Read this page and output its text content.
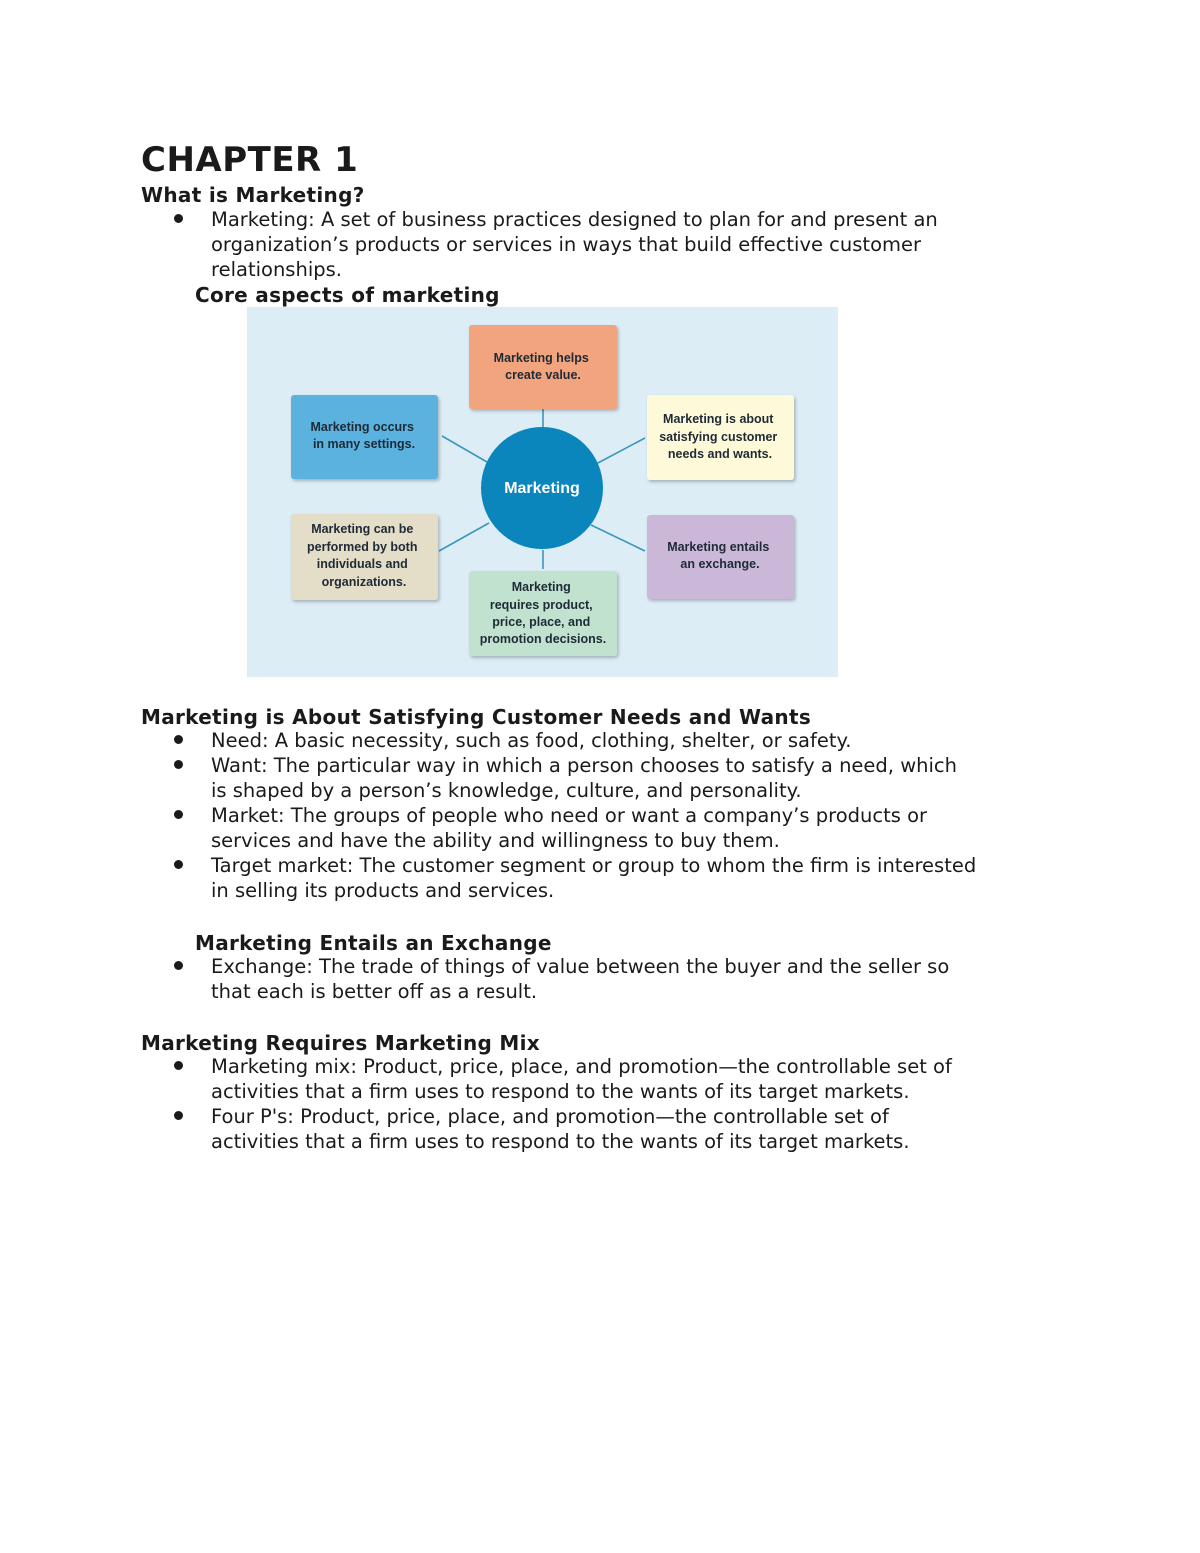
CHAPTER 1
What is Marketing?
Marketing: A set of business practices designed to plan for and present an
organization’s products or services in ways that build effective customer
relationships.
Core aspects of marketing
Marketing
Marketing helps create value.
Marketing is about satisfying customer needs and wants.
Marketing entails an exchange.
Marketing requires product, price, place, and promotion decisions.
Marketing can be performed by both individuals and organizations.
Marketing occurs in many settings.
Marketing is About Satisfying Customer Needs and Wants
Need: A basic necessity, such as food, clothing, shelter, or safety.
Want: The particular way in which a person chooses to satisfy a need, which
is shaped by a person’s knowledge, culture, and personality.
Market: The groups of people who need or want a company’s products or
services and have the ability and willingness to buy them.
Target market: The customer segment or group to whom the firm is interested
in selling its products and services.
Marketing Entails an Exchange
Exchange: The trade of things of value between the buyer and the seller so
that each is better off as a result.
Marketing Requires Marketing Mix
Marketing mix: Product, price, place, and promotion—the controllable set of
activities that a firm uses to respond to the wants of its target markets.
Four P's: Product, price, place, and promotion—the controllable set of
activities that a firm uses to respond to the wants of its target markets.
